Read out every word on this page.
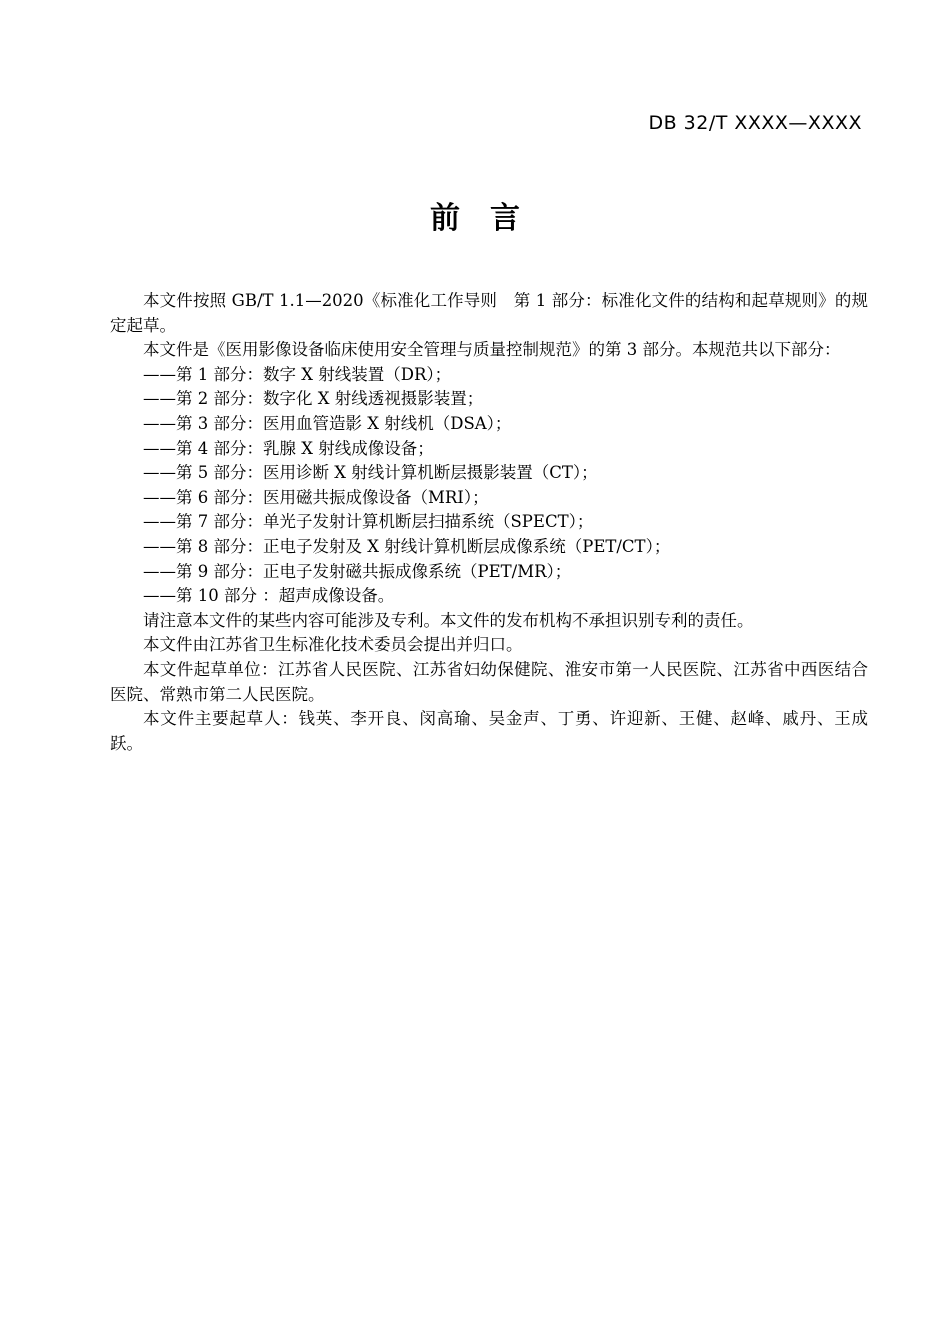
DB 32/T XXXX—XXXX
前　言

本文件按照 GB/T 1.1—2020《标准化工作导则　第 1 部分：标准化文件的结构和起草规则》的规定起草。

本文件是《医用影像设备临床使用安全管理与质量控制规范》的第 3 部分。本规范共以下部分：

——第 1 部分：数字 X 射线装置（DR）；

——第 2 部分：数字化 X 射线透视摄影装置；

——第 3 部分：医用血管造影 X 射线机（DSA）；

——第 4 部分：乳腺 X 射线成像设备；

——第 5 部分：医用诊断 X 射线计算机断层摄影装置（CT）；

——第 6 部分：医用磁共振成像设备（MRI）；

——第 7 部分：单光子发射计算机断层扫描系统（SPECT）；

——第 8 部分：正电子发射及 X 射线计算机断层成像系统（PET/CT）；

——第 9 部分：正电子发射磁共振成像系统（PET/MR）；

——第 10 部分 ：超声成像设备。

请注意本文件的某些内容可能涉及专利。本文件的发布机构不承担识别专利的责任。

本文件由江苏省卫生标准化技术委员会提出并归口。

本文件起草单位：江苏省人民医院、江苏省妇幼保健院、淮安市第一人民医院、江苏省中西医结合医院、常熟市第二人民医院。

本文件主要起草人：钱英、李开良、闵高瑜、吴金声、丁勇、许迎新、王健、赵峰、戚丹、王成跃。
